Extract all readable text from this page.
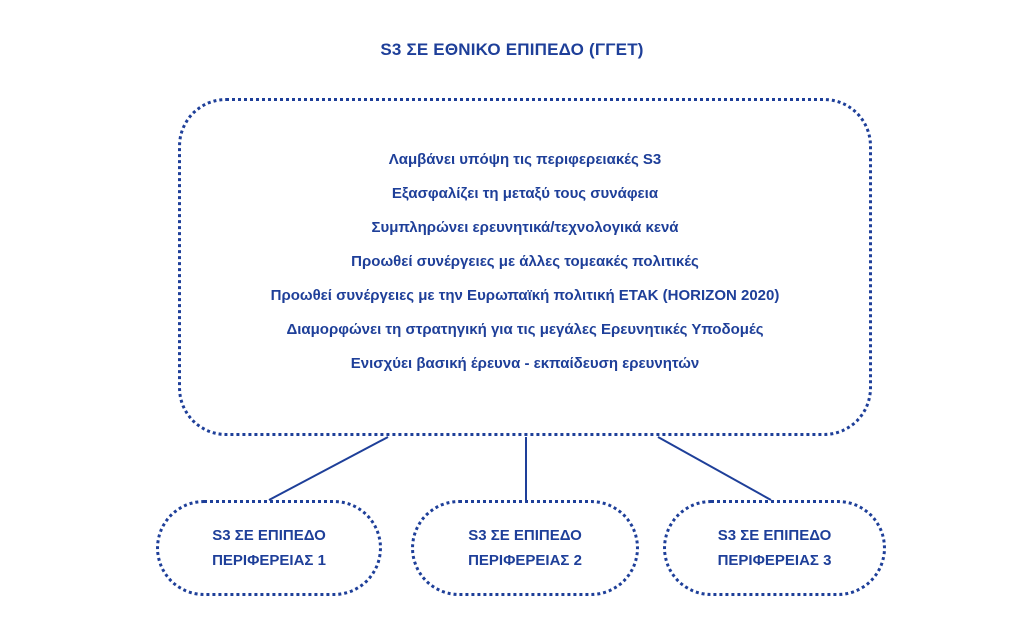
S3 ΣΕ ΕΘΝΙΚΟ ΕΠΙΠΕΔΟ (ΓΓΕΤ)
Λαμβάνει υπόψη τις περιφερειακές S3
Εξασφαλίζει τη μεταξύ τους συνάφεια
Συμπληρώνει ερευνητικά/τεχνολογικά κενά
Προωθεί συνέργειες με άλλες τομεακές πολιτικές
Προωθεί συνέργειες με την Ευρωπαϊκή πολιτική ΕΤΑΚ (HORIZON 2020)
Διαμορφώνει τη στρατηγική για τις μεγάλες Ερευνητικές Υποδομές
Ενισχύει βασική έρευνα - εκπαίδευση ερευνητών
S3 ΣΕ ΕΠΙΠΕΔΟ
ΠΕΡΙΦΕΡΕΙΑΣ 1
S3 ΣΕ ΕΠΙΠΕΔΟ
ΠΕΡΙΦΕΡΕΙΑΣ 2
S3 ΣΕ ΕΠΙΠΕΔΟ
ΠΕΡΙΦΕΡΕΙΑΣ 3
